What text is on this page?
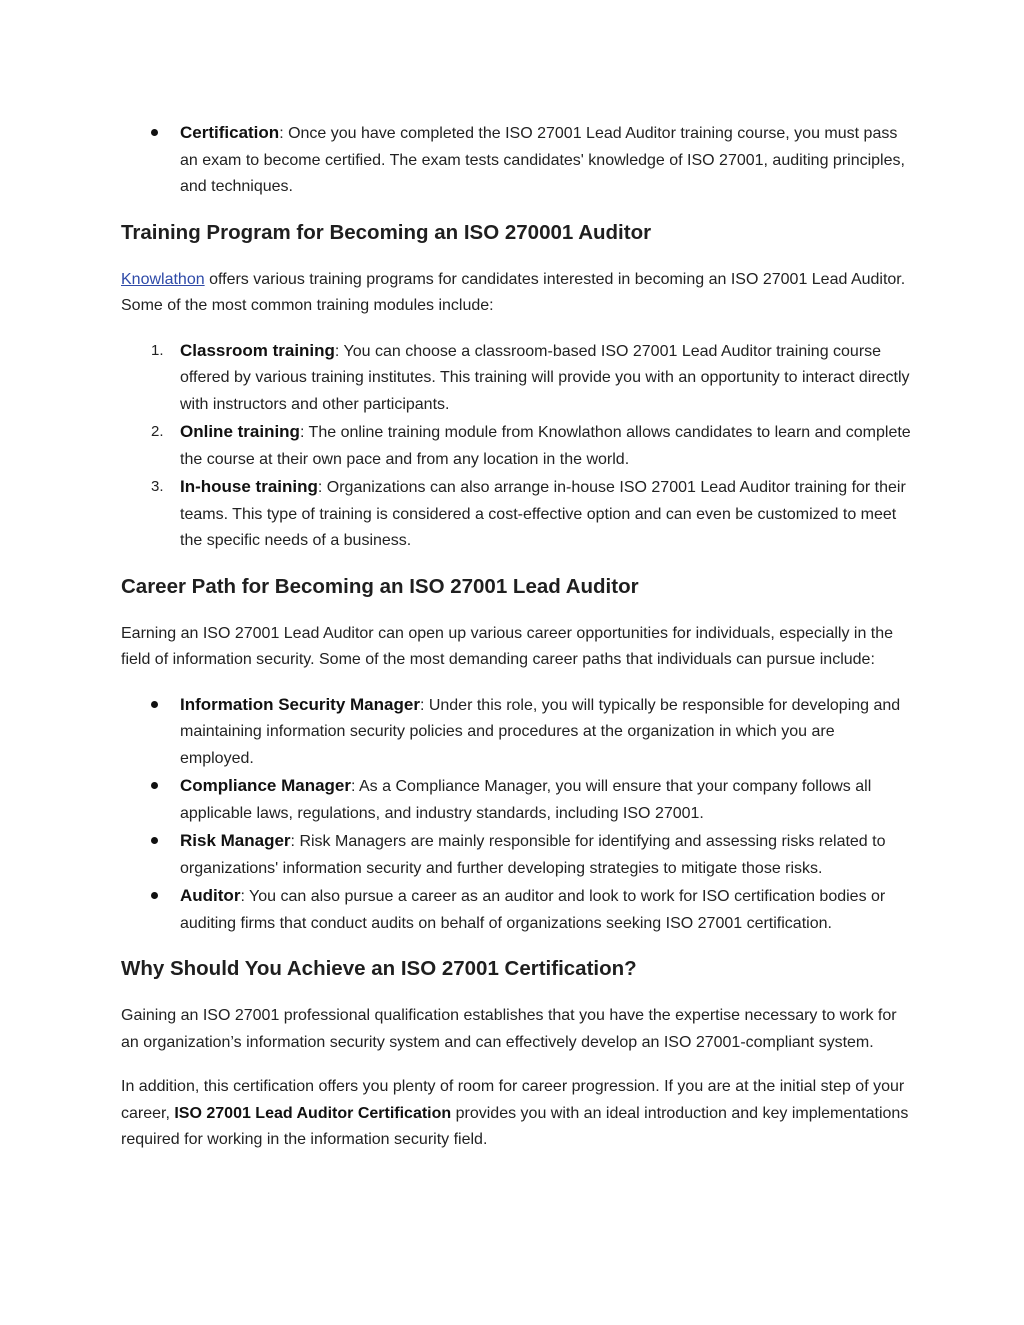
Certification: Once you have completed the ISO 27001 Lead Auditor training course, you must pass an exam to become certified. The exam tests candidates' knowledge of ISO 27001, auditing principles, and techniques.
Training Program for Becoming an ISO 270001 Auditor

Knowlathon offers various training programs for candidates interested in becoming an ISO 27001 Lead Auditor. Some of the most common training modules include:

1. Classroom training: You can choose a classroom-based ISO 27001 Lead Auditor training course offered by various training institutes. This training will provide you with an opportunity to interact directly with instructors and other participants.
2. Online training: The online training module from Knowlathon allows candidates to learn and complete the course at their own pace and from any location in the world.
3. In-house training: Organizations can also arrange in-house ISO 27001 Lead Auditor training for their teams. This type of training is considered a cost-effective option and can even be customized to meet the specific needs of a business.
Career Path for Becoming an ISO 27001 Lead Auditor

Earning an ISO 27001 Lead Auditor can open up various career opportunities for individuals, especially in the field of information security. Some of the most demanding career paths that individuals can pursue include:

Information Security Manager: Under this role, you will typically be responsible for developing and maintaining information security policies and procedures at the organization in which you are employed.
Compliance Manager: As a Compliance Manager, you will ensure that your company follows all applicable laws, regulations, and industry standards, including ISO 27001.
Risk Manager: Risk Managers are mainly responsible for identifying and assessing risks related to organizations' information security and further developing strategies to mitigate those risks.
Auditor: You can also pursue a career as an auditor and look to work for ISO certification bodies or auditing firms that conduct audits on behalf of organizations seeking ISO 27001 certification.
Why Should You Achieve an ISO 27001 Certification?

Gaining an ISO 27001 professional qualification establishes that you have the expertise necessary to work for an organization’s information security system and can effectively develop an ISO 27001-compliant system.

In addition, this certification offers you plenty of room for career progression. If you are at the initial step of your career, ISO 27001 Lead Auditor Certification provides you with an ideal introduction and key implementations required for working in the information security field.
